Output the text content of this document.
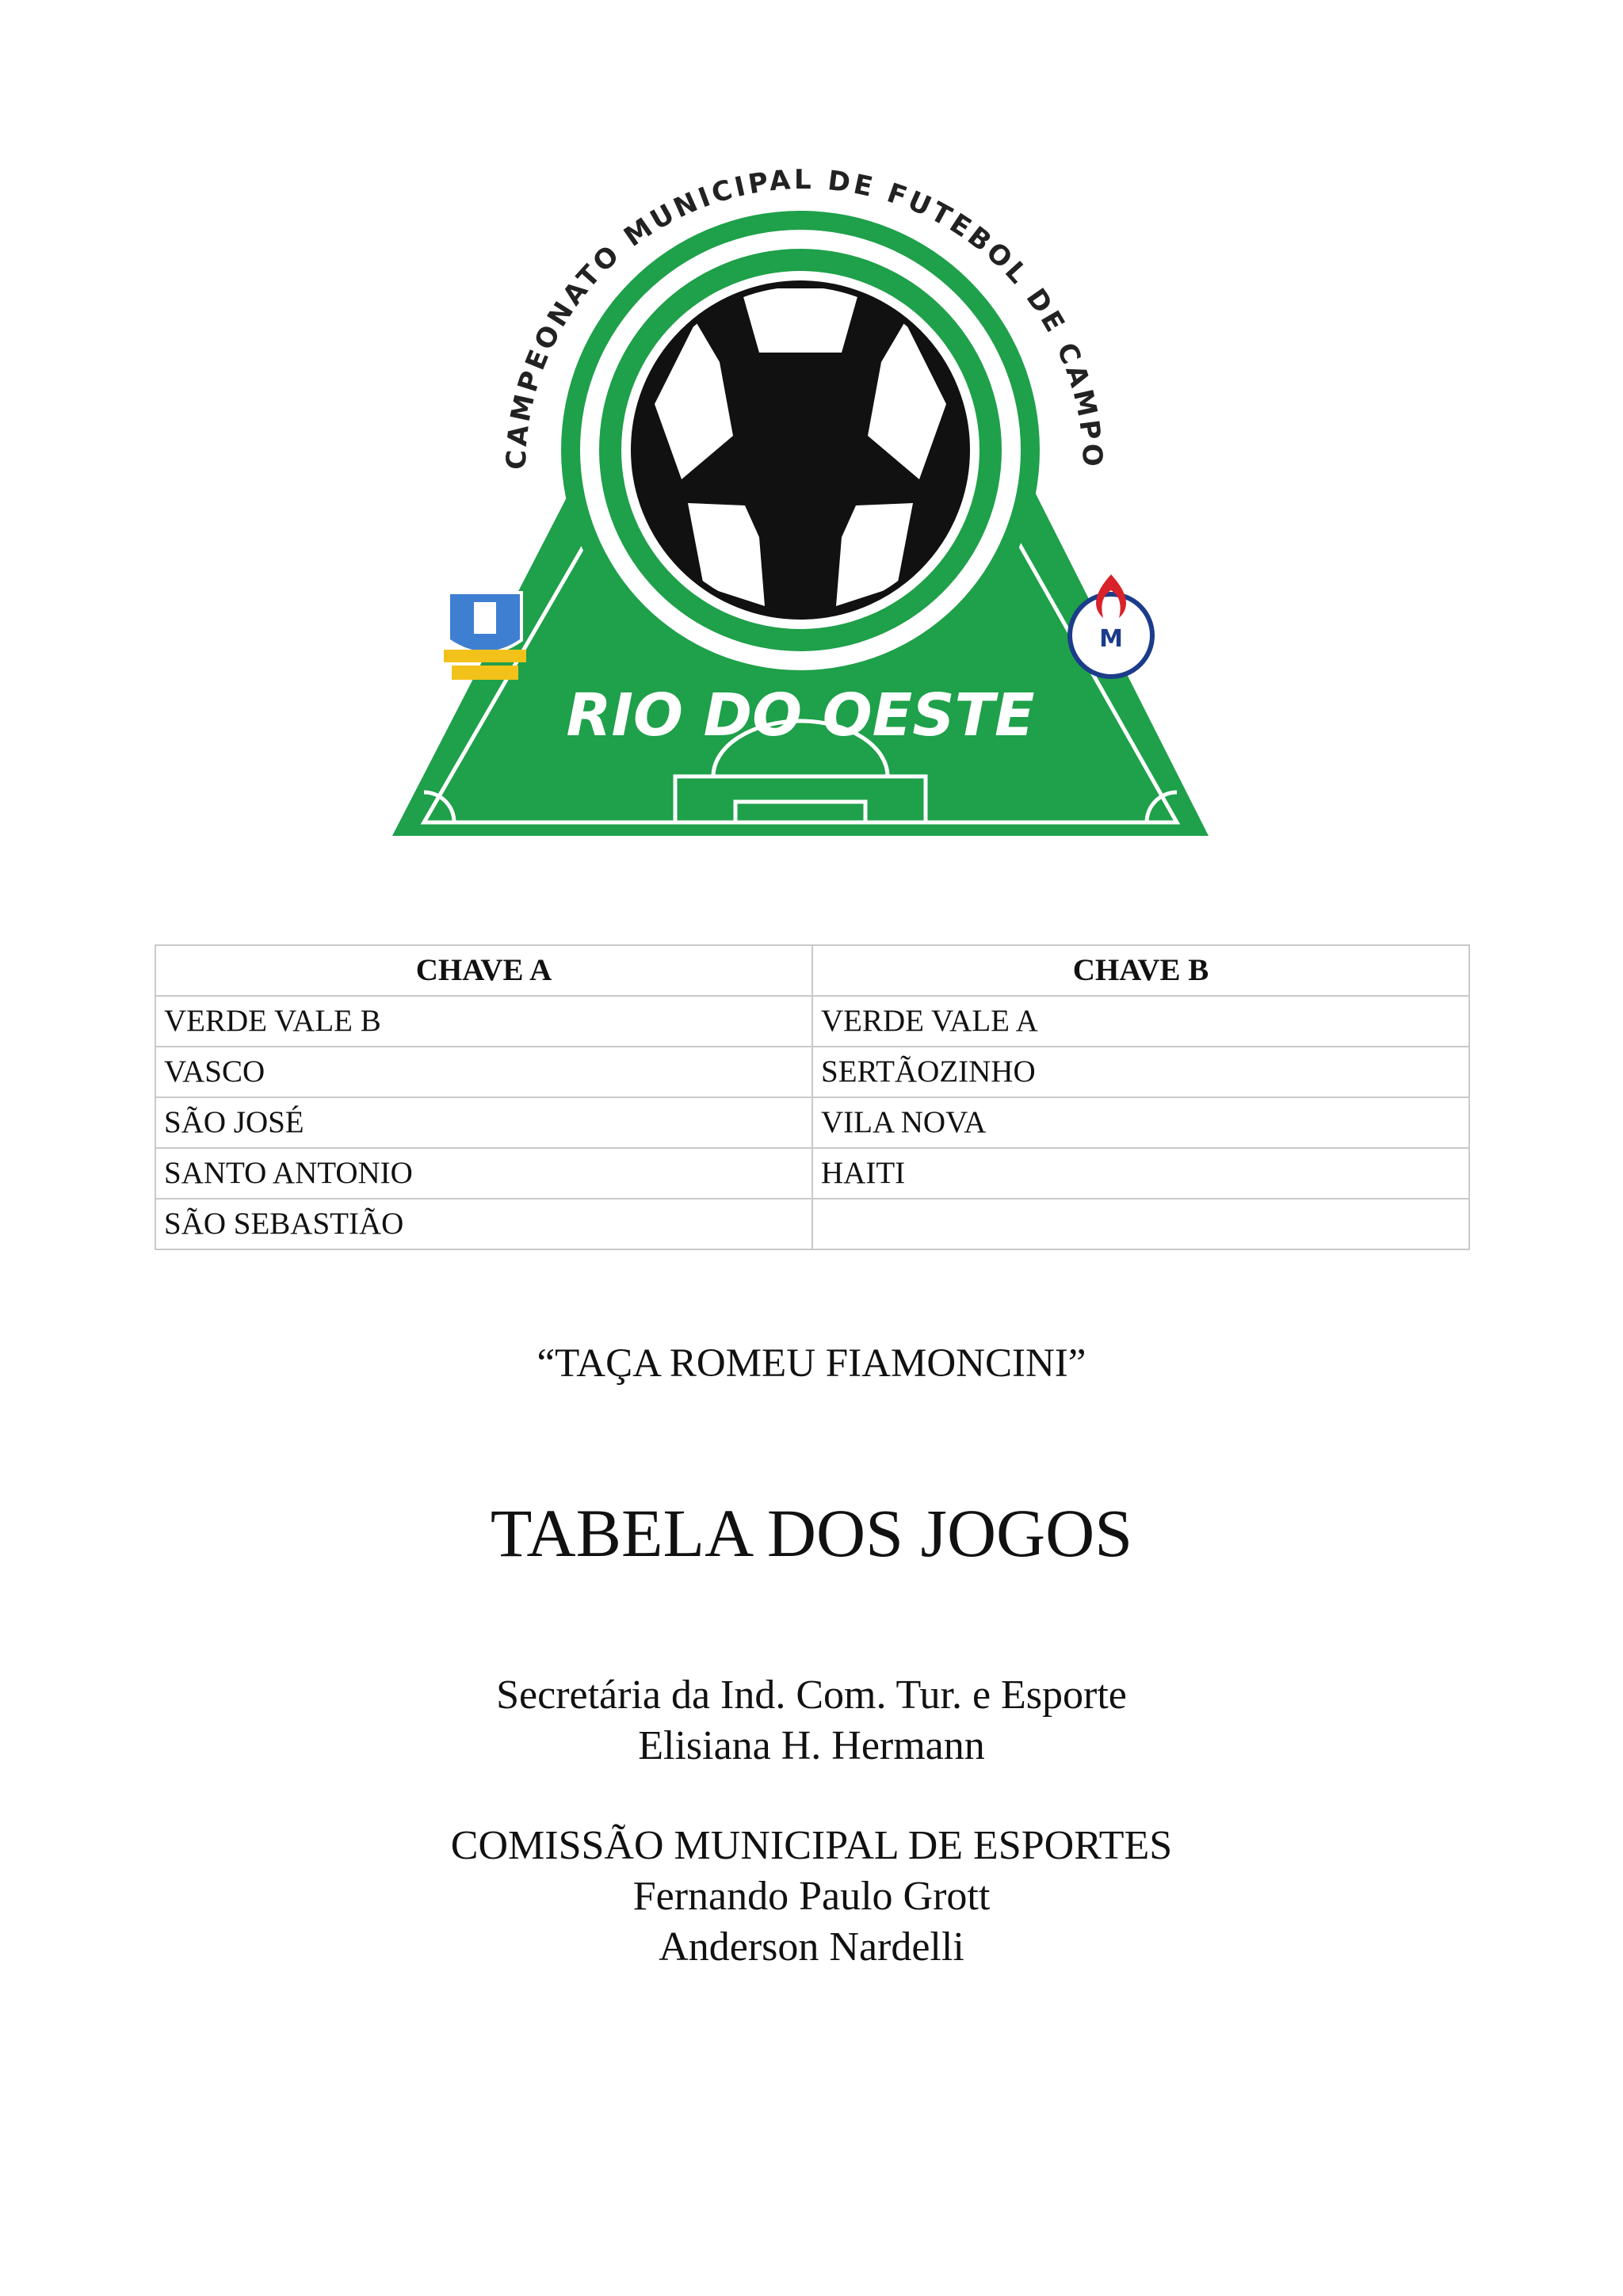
CAMPEONATO MUNICIPAL DE FUTEBOL DE CAMPO
M
RIO DO OESTE
CHAVE A	CHAVE B
VERDE VALE B	VERDE VALE A
VASCO	SERTÃOZINHO
SÃO JOSÉ	VILA NOVA
SANTO ANTONIO	HAITI
SÃO SEBASTIÃO	
“TAÇA ROMEU FIAMONCINI”
TABELA DOS JOGOS
Secretária da Ind. Com. Tur. e Esporte
Elisiana H. Hermann
COMISSÃO MUNICIPAL DE ESPORTES
Fernando Paulo Grott
Anderson Nardelli
